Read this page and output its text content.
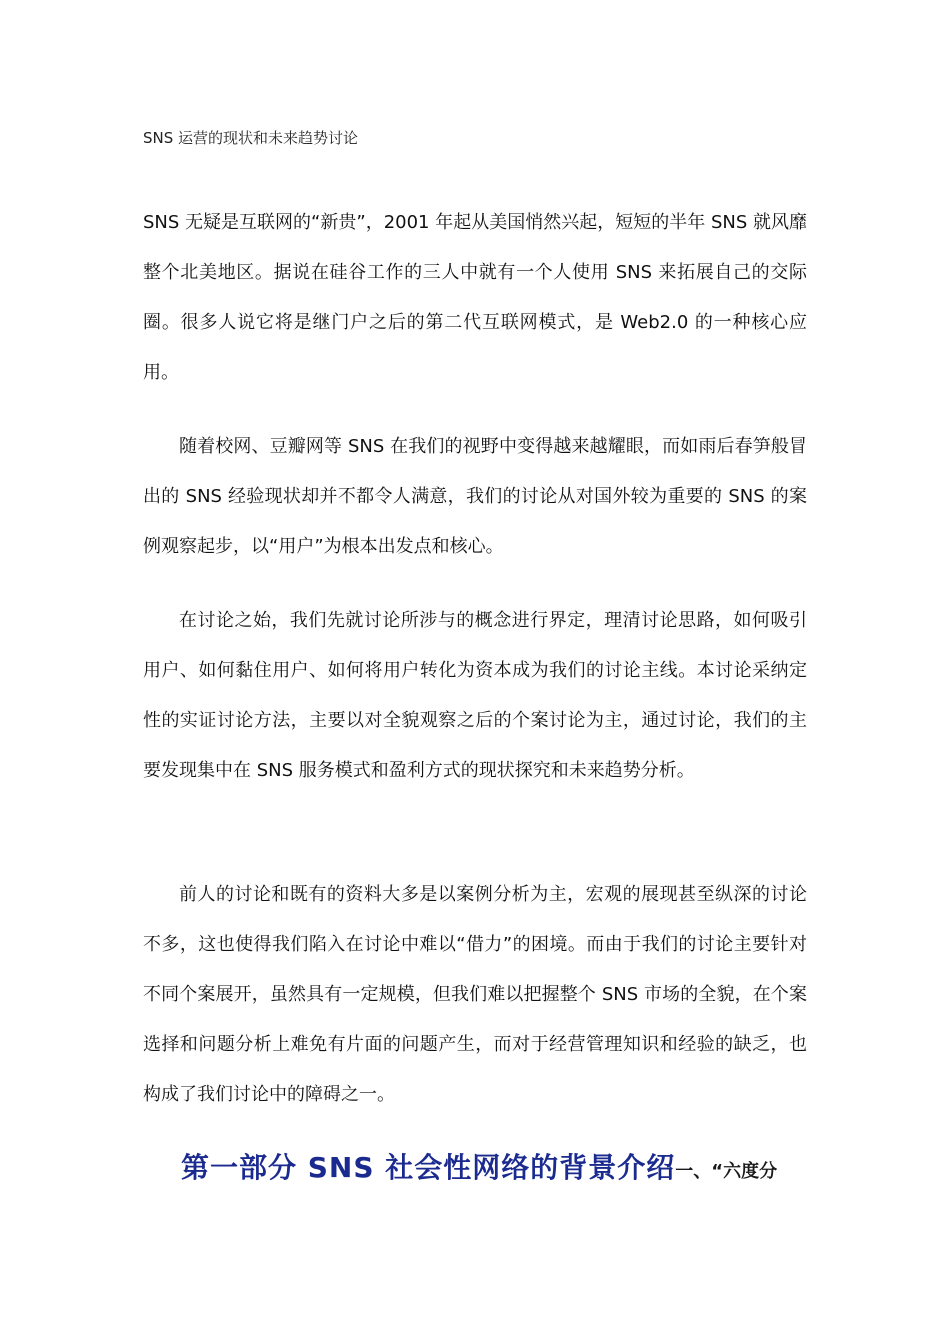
SNS 运营的现状和未来趋势讨论

SNS 无疑是互联网的“新贵”，2001 年起从美国悄然兴起，短短的半年 SNS 就风靡整个北美地区。据说在硅谷工作的三人中就有一个人使用 SNS 来拓展自己的交际圈。很多人说它将是继门户之后的第二代互联网模式，是 Web2.0 的一种核心应用。

随着校网、豆瓣网等 SNS 在我们的视野中变得越来越耀眼，而如雨后春笋般冒出的 SNS 经验现状却并不都令人满意，我们的讨论从对国外较为重要的 SNS 的案例观察起步，以“用户”为根本出发点和核心。

在讨论之始，我们先就讨论所涉与的概念进行界定，理清讨论思路，如何吸引用户、如何黏住用户、如何将用户转化为资本成为我们的讨论主线。本讨论采纳定性的实证讨论方法，主要以对全貌观察之后的个案讨论为主，通过讨论，我们的主要发现集中在 SNS 服务模式和盈利方式的现状探究和未来趋势分析。

前人的讨论和既有的资料大多是以案例分析为主，宏观的展现甚至纵深的讨论不多，这也使得我们陷入在讨论中难以“借力”的困境。而由于我们的讨论主要针对不同个案展开，虽然具有一定规模，但我们难以把握整个 SNS 市场的全貌，在个案选择和问题分析上难免有片面的问题产生，而对于经营管理知识和经验的缺乏，也构成了我们讨论中的障碍之一。

第一部分 SNS 社会性网络的背景介绍一、“六度分
